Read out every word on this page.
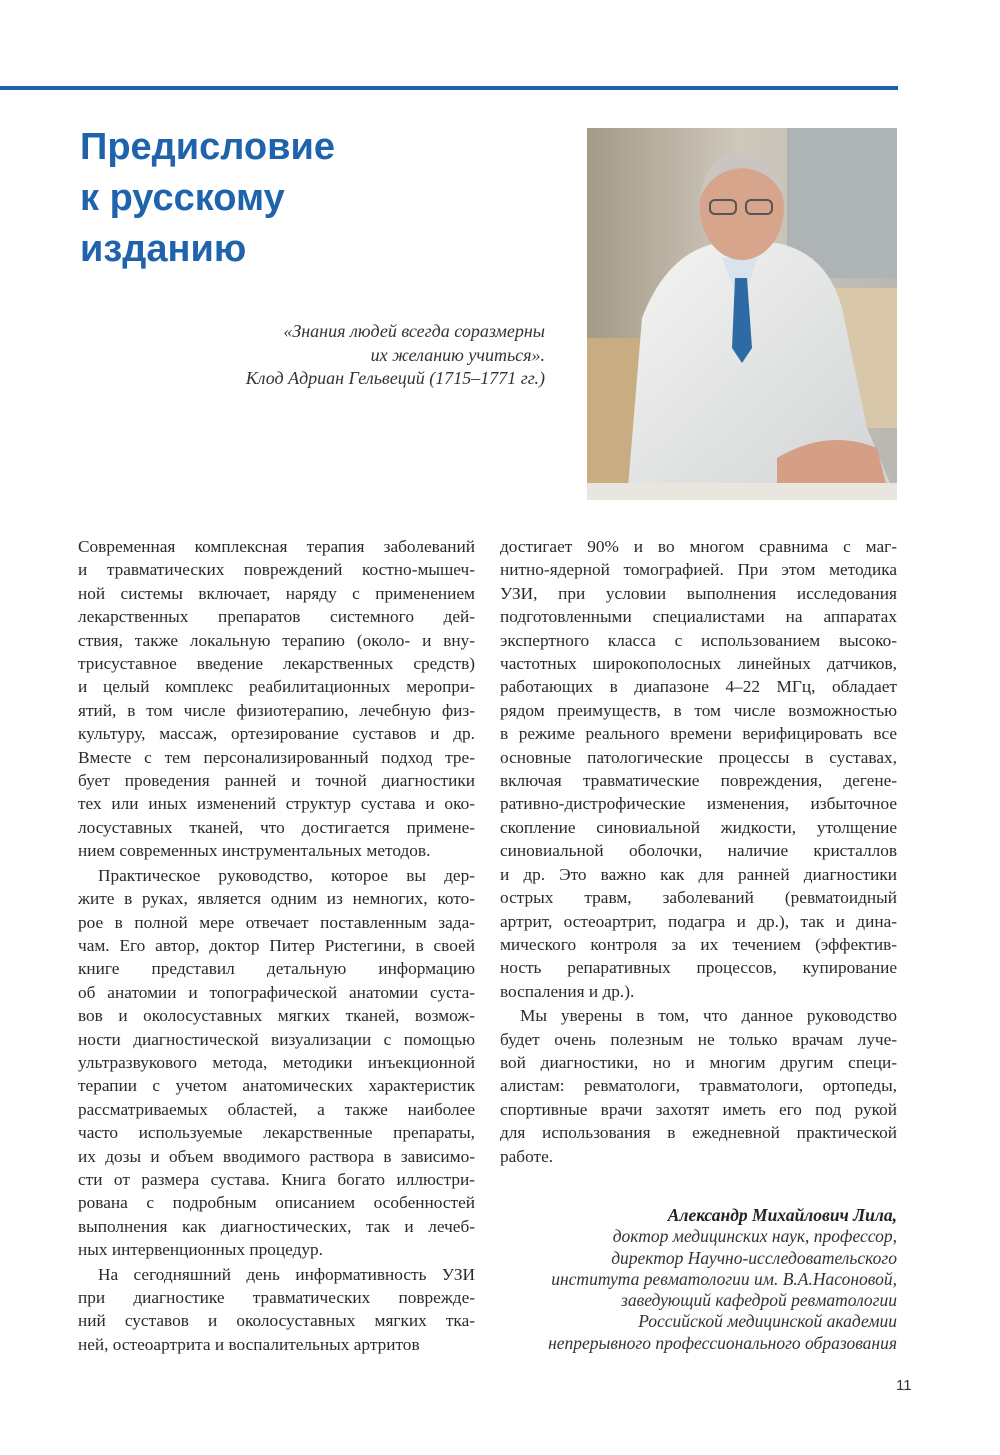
Предисловие
к русскому
изданию
«Знания людей всегда соразмерны
их желанию учиться».
Клод Адриан Гельвеций (1715–1771 гг.)
Современная комплексная терапия заболеваний
и травматических повреждений костно-мышеч-
ной системы включает, наряду с применением
лекарственных препаратов системного дей-
ствия, также локальную терапию (около- и вну-
трисуставное введение лекарственных средств)
и целый комплекс реабилитационных меропри-
ятий, в том числе физиотерапию, лечебную физ-
культуру, массаж, ортезирование суставов и др.
Вместе с тем персонализированный подход тре-
бует проведения ранней и точной диагностики
тех или иных изменений структур сустава и око-
лосуставных тканей, что достигается примене-
нием современных инструментальных методов.
Практическое руководство, которое вы дер-
жите в руках, является одним из немногих, кото-
рое в полной мере отвечает поставленным зада-
чам. Его автор, доктор Питер Ристегини, в своей
книге представил детальную информацию
об анатомии и топографической анатомии суста-
вов и околосуставных мягких тканей, возмож-
ности диагностической визуализации с помощью
ультразвукового метода, методики инъекционной
терапии с учетом анатомических характеристик
рассматриваемых областей, а также наиболее
часто используемые лекарственные препараты,
их дозы и объем вводимого раствора в зависимо-
сти от размера сустава. Книга богато иллюстри-
рована с подробным описанием особенностей
выполнения как диагностических, так и лечеб-
ных интервенционных процедур.
На сегодняшний день информативность УЗИ
при диагностике травматических поврежде-
ний суставов и околосуставных мягких тка-
ней, остеоартрита и воспалительных артритов
достигает 90% и во многом сравнима с маг-
нитно-ядерной томографией. При этом методика
УЗИ, при условии выполнения исследования
подготовленными специалистами на аппаратах
экспертного класса с использованием высоко-
частотных широкополосных линейных датчиков,
работающих в диапазоне 4–22 МГц, обладает
рядом преимуществ, в том числе возможностью
в режиме реального времени верифицировать все
основные патологические процессы в суставах,
включая травматические повреждения, дегене-
ративно-дистрофические изменения, избыточное
скопление синовиальной жидкости, утолщение
синовиальной оболочки, наличие кристаллов
и др. Это важно как для ранней диагностики
острых травм, заболеваний (ревматоидный
артрит, остеоартрит, подагра и др.), так и дина-
мического контроля за их течением (эффектив-
ность репаративных процессов, купирование
воспаления и др.).
Мы уверены в том, что данное руководство
будет очень полезным не только врачам луче-
вой диагностики, но и многим другим специ-
алистам: ревматологи, травматологи, ортопеды,
спортивные врачи захотят иметь его под рукой
для использования в ежедневной практической
работе.
Александр Михайлович Лила,
доктор медицинских наук, профессор,
директор Научно-исследовательского
института ревматологии им. В.А.Насоновой,
заведующий кафедрой ревматологии
Российской медицинской академии
непрерывного профессионального образования
11
